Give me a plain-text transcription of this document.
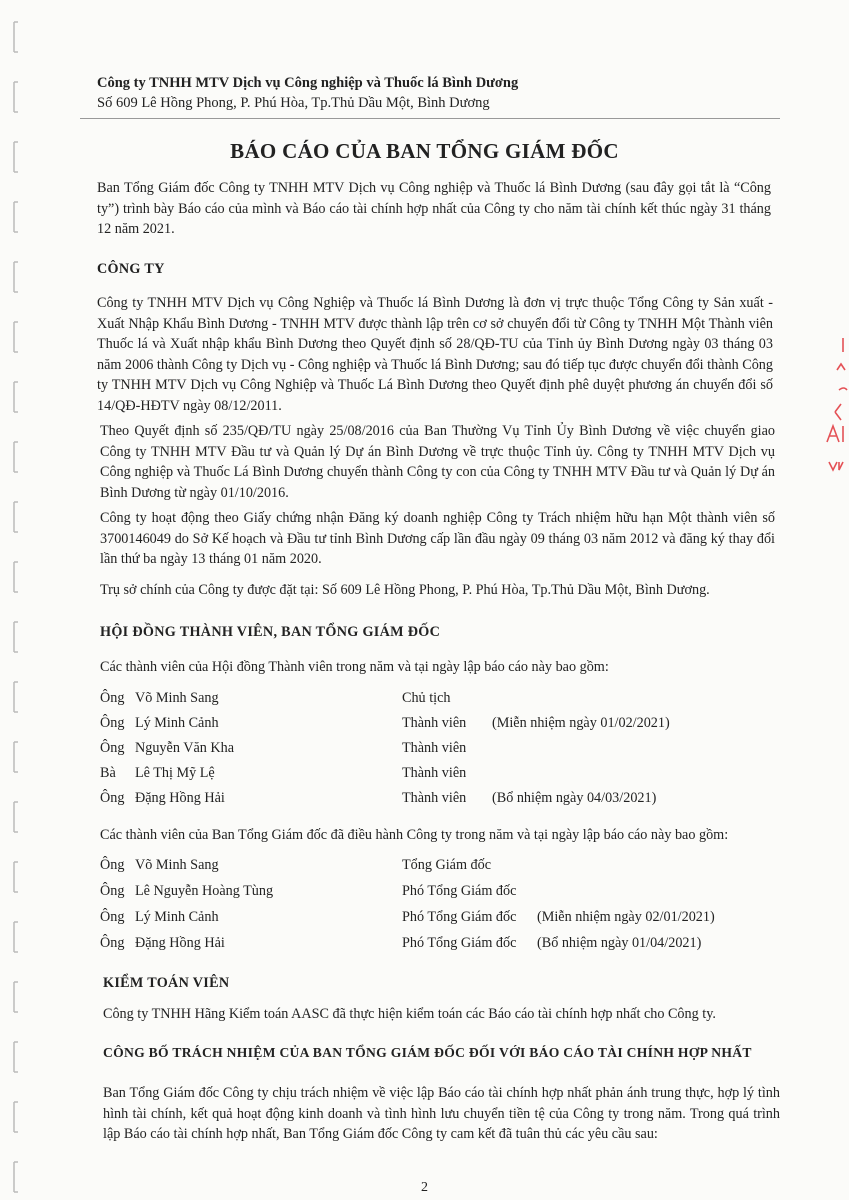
Công ty TNHH MTV Dịch vụ Công nghiệp và Thuốc lá Bình Dương
Số 609 Lê Hồng Phong, P. Phú Hòa, Tp.Thủ Dầu Một, Bình Dương
BÁO CÁO CỦA BAN TỔNG GIÁM ĐỐC
Ban Tổng Giám đốc Công ty TNHH MTV Dịch vụ Công nghiệp và Thuốc lá Bình Dương (sau đây gọi tắt là “Công ty”) trình bày Báo cáo của mình và Báo cáo tài chính hợp nhất của Công ty cho năm tài chính kết thúc ngày 31 tháng 12 năm 2021.
CÔNG TY
Công ty TNHH MTV Dịch vụ Công Nghiệp và Thuốc lá Bình Dương là đơn vị trực thuộc Tổng Công ty Sản xuất - Xuất Nhập Khẩu Bình Dương - TNHH MTV được thành lập trên cơ sở chuyển đổi từ Công ty TNHH Một Thành viên Thuốc lá và Xuất nhập khẩu Bình Dương theo Quyết định số 28/QĐ-TU của Tỉnh ủy Bình Dương ngày 03 tháng 03 năm 2006 thành Công ty Dịch vụ - Công nghiệp và Thuốc lá Bình Dương; sau đó tiếp tục được chuyển đổi thành Công ty TNHH MTV Dịch vụ Công Nghiệp và Thuốc Lá Bình Dương theo Quyết định phê duyệt phương án chuyển đổi số 14/QĐ-HĐTV ngày 08/12/2011.
Theo Quyết định số 235/QĐ/TU ngày 25/08/2016 của Ban Thường Vụ Tỉnh Ủy Bình Dương về việc chuyển giao Công ty TNHH MTV Đầu tư và Quản lý Dự án Bình Dương về trực thuộc Tỉnh ủy. Công ty TNHH MTV Dịch vụ Công nghiệp và Thuốc Lá Bình Dương chuyển thành Công ty con của Công ty TNHH MTV Đầu tư và Quản lý Dự án Bình Dương từ ngày 01/10/2016.
Công ty hoạt động theo Giấy chứng nhận Đăng ký doanh nghiệp Công ty Trách nhiệm hữu hạn Một thành viên số 3700146049 do Sở Kế hoạch và Đầu tư tỉnh Bình Dương cấp lần đầu ngày 09 tháng 03 năm 2012 và đăng ký thay đổi lần thứ ba ngày 13 tháng 01 năm 2020.
Trụ sở chính của Công ty được đặt tại: Số 609 Lê Hồng Phong, P. Phú Hòa, Tp.Thủ Dầu Một, Bình Dương.
HỘI ĐỒNG THÀNH VIÊN, BAN TỔNG GIÁM ĐỐC
Các thành viên của Hội đồng Thành viên trong năm và tại ngày lập báo cáo này bao gồm:
Ông Võ Minh Sang	Chủ tịch
Ông Lý Minh Cảnh	Thành viên (Miễn nhiệm ngày 01/02/2021)
Ông Nguyễn Văn Kha	Thành viên
Bà Lê Thị Mỹ Lệ	Thành viên
Ông Đặng Hồng Hải	Thành viên (Bổ nhiệm ngày 04/03/2021)
Các thành viên của Ban Tổng Giám đốc đã điều hành Công ty trong năm và tại ngày lập báo cáo này bao gồm:
Ông Võ Minh Sang	Tổng Giám đốc
Ông Lê Nguyễn Hoàng Tùng	Phó Tổng Giám đốc
Ông Lý Minh Cảnh	Phó Tổng Giám đốc (Miễn nhiệm ngày 02/01/2021)
Ông Đặng Hồng Hải	Phó Tổng Giám đốc (Bổ nhiệm ngày 01/04/2021)
KIỂM TOÁN VIÊN
Công ty TNHH Hãng Kiểm toán AASC đã thực hiện kiểm toán các Báo cáo tài chính hợp nhất cho Công ty.
CÔNG BỐ TRÁCH NHIỆM CỦA BAN TỔNG GIÁM ĐỐC ĐỐI VỚI BÁO CÁO TÀI CHÍNH HỢP NHẤT
Ban Tổng Giám đốc Công ty chịu trách nhiệm về việc lập Báo cáo tài chính hợp nhất phản ánh trung thực, hợp lý tình hình tài chính, kết quả hoạt động kinh doanh và tình hình lưu chuyển tiền tệ của Công ty trong năm. Trong quá trình lập Báo cáo tài chính hợp nhất, Ban Tổng Giám đốc Công ty cam kết đã tuân thủ các yêu cầu sau:
2
